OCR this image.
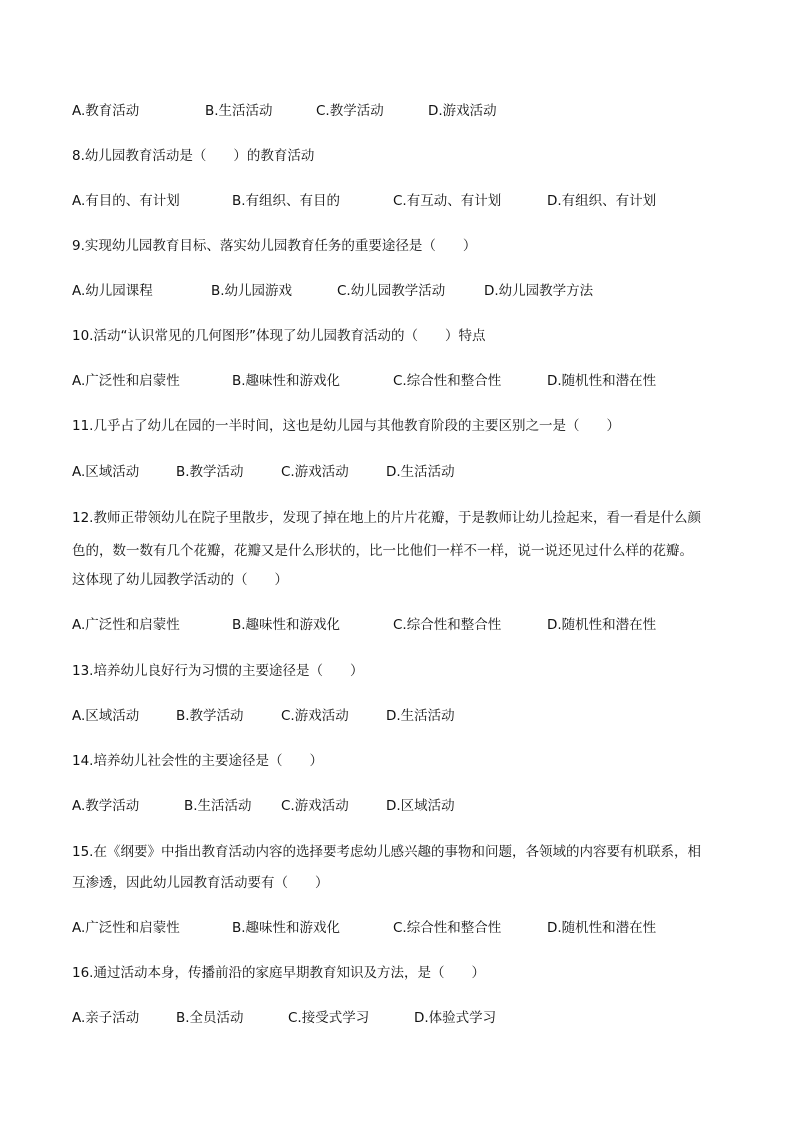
A.教育活动	B.生活活动	C.教学活动	D.游戏活动
8.幼儿园教育活动是（　　）的教育活动
A.有目的、有计划	B.有组织、有目的	C.有互动、有计划	D.有组织、有计划
9.实现幼儿园教育目标、落实幼儿园教育任务的重要途径是（　　）
A.幼儿园课程	B.幼儿园游戏	C.幼儿园教学活动	D.幼儿园教学方法
10.活动“认识常见的几何图形”体现了幼儿园教育活动的（　　）特点
A.广泛性和启蒙性	B.趣味性和游戏化	C.综合性和整合性	D.随机性和潜在性
11.几乎占了幼儿在园的一半时间，这也是幼儿园与其他教育阶段的主要区别之一是（　　）
A.区域活动	B.教学活动	C.游戏活动	D.生活活动
12.教师正带领幼儿在院子里散步，发现了掉在地上的片片花瓣，于是教师让幼儿捡起来，看一看是什么颜
色的，数一数有几个花瓣，花瓣又是什么形状的，比一比他们一样不一样，说一说还见过什么样的花瓣。
这体现了幼儿园教学活动的（　　）
A.广泛性和启蒙性	B.趣味性和游戏化	C.综合性和整合性	D.随机性和潜在性
13.培养幼儿良好行为习惯的主要途径是（　　）
A.区域活动	B.教学活动	C.游戏活动	D.生活活动
14.培养幼儿社会性的主要途径是（　　）
A.教学活动	B.生活活动 C.游戏活动	D.区域活动
15.在《纲要》中指出教育活动内容的选择要考虑幼儿感兴趣的事物和问题，各领域的内容要有机联系，相
互渗透，因此幼儿园教育活动要有（　　）
A.广泛性和启蒙性	B.趣味性和游戏化	C.综合性和整合性	D.随机性和潜在性
16.通过活动本身，传播前沿的家庭早期教育知识及方法，是（　　）
A.亲子活动	B.全员活动	C.接受式学习	D.体验式学习
